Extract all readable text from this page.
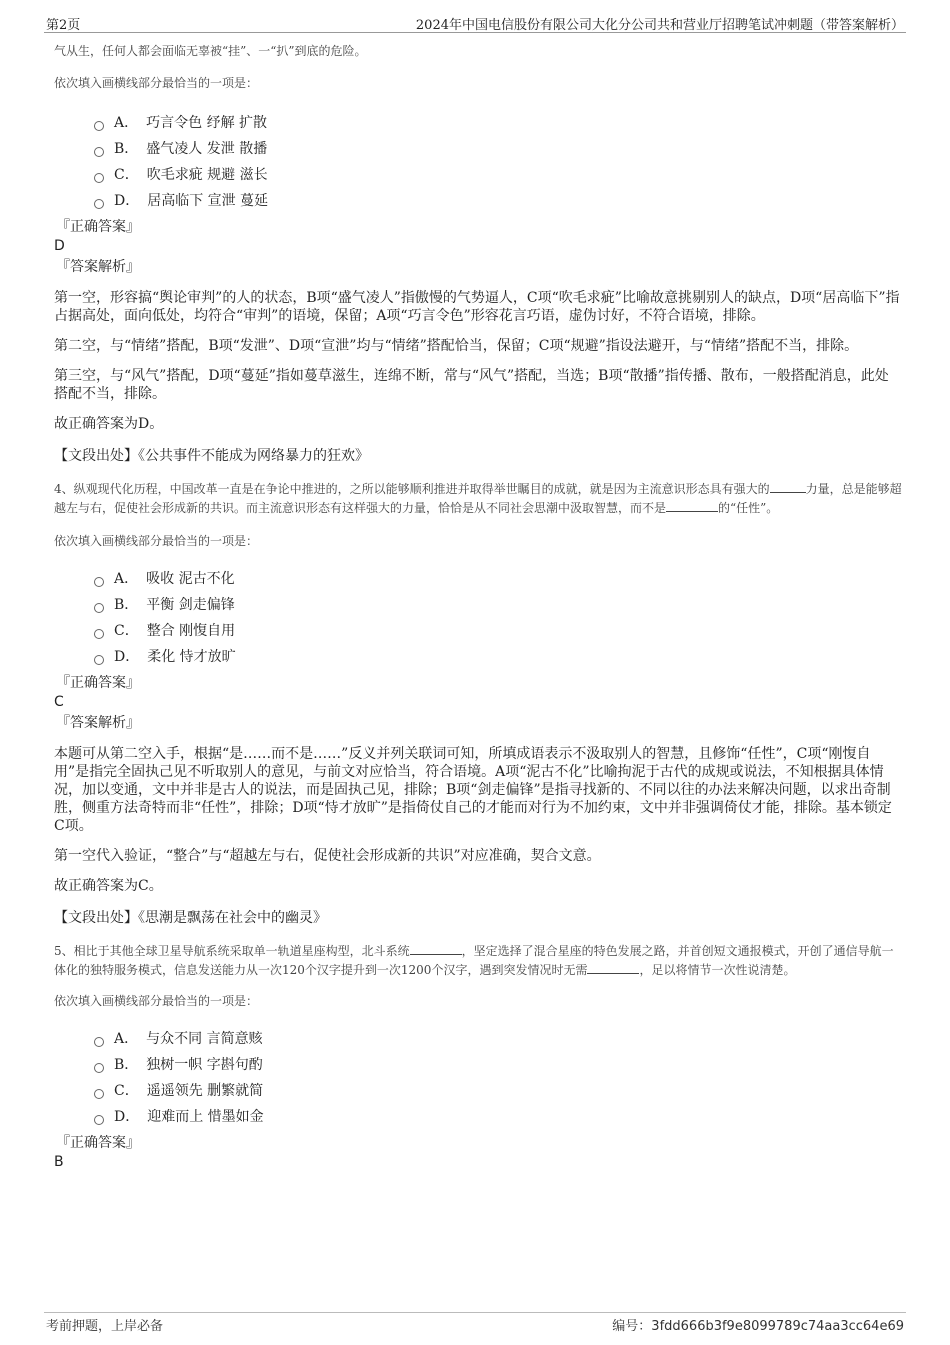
第2页	2024年中国电信股份有限公司大化分公司共和营业厅招聘笔试冲刺题（带答案解析）
气从生，任何人都会面临无辜被“挂”、一“扒”到底的危险。
依次填入画横线部分最恰当的一项是：
A． 巧言令色 纾解 扩散
B． 盛气凌人 发泄 散播
C． 吹毛求疵 规避 滋长
D． 居高临下 宣泄 蔓延
『正确答案』
D
『答案解析』
第一空，形容搞“舆论审判”的人的状态，B项“盛气凌人”指傲慢的气势逼人，C项“吹毛求疵”比喻故意挑剔别人的缺点，D项“居高临下”指占据高处，面向低处，均符合“审判”的语境，保留；A项“巧言令色”形容花言巧语，虚伪讨好，不符合语境，排除。
第二空，与“情绪”搭配，B项“发泄”、D项“宣泄”均与“情绪”搭配恰当，保留；C项“规避”指设法避开，与“情绪”搭配不当，排除。
第三空，与“风气”搭配，D项“蔓延”指如蔓草滋生，连绵不断，常与“风气”搭配，当选；B项“散播”指传播、散布，一般搭配消息，此处搭配不当，排除。
故正确答案为D。
【文段出处】《公共事件不能成为网络暴力的狂欢》
4、纵观现代化历程，中国改革一直是在争论中推进的，之所以能够顺利推进并取得举世瞩目的成就，就是因为主流意识形态具有强大的	力量，总是能够超越左与右，促使社会形成新的共识。而主流意识形态有这样强大的力量，恰恰是从不同社会思潮中汲取智慧，而不是	的“任性”。
依次填入画横线部分最恰当的一项是：
A． 吸收 泥古不化
B． 平衡 剑走偏锋
C． 整合 刚愎自用
D． 柔化 恃才放旷
『正确答案』
C
『答案解析』
本题可从第二空入手，根据“是……而不是……”反义并列关联词可知，所填成语表示不汲取别人的智慧，且修饰“任性”，C项“刚愎自用”是指完全固执己见不听取别人的意见，与前文对应恰当，符合语境。A项“泥古不化”比喻拘泥于古代的成规或说法，不知根据具体情况，加以变通，文中并非是古人的说法，而是固执己见，排除；B项“剑走偏锋”是指寻找新的、不同以往的办法来解决问题，以求出奇制胜，侧重方法奇特而非“任性”，排除；D项“恃才放旷”是指倚仗自己的才能而对行为不加约束，文中并非强调倚仗才能，排除。基本锁定C项。
第一空代入验证，“整合”与“超越左与右，促使社会形成新的共识”对应准确，契合文意。
故正确答案为C。
【文段出处】《思潮是飘荡在社会中的幽灵》
5、相比于其他全球卫星导航系统采取单一轨道星座构型，北斗系统	，坚定选择了混合星座的特色发展之路，并首创短文通报模式，开创了通信导航一体化的独特服务模式，信息发送能力从一次120个汉字提升到一次1200个汉字，遇到突发情况时无需	，足以将情节一次性说清楚。
依次填入画横线部分最恰当的一项是：
A． 与众不同 言简意赅
B． 独树一帜 字斟句酌
C． 遥遥领先 删繁就简
D． 迎难而上 惜墨如金
『正确答案』
B
考前押题，上岸必备	编号：3fdd666b3f9e8099789c74aa3cc64e69
